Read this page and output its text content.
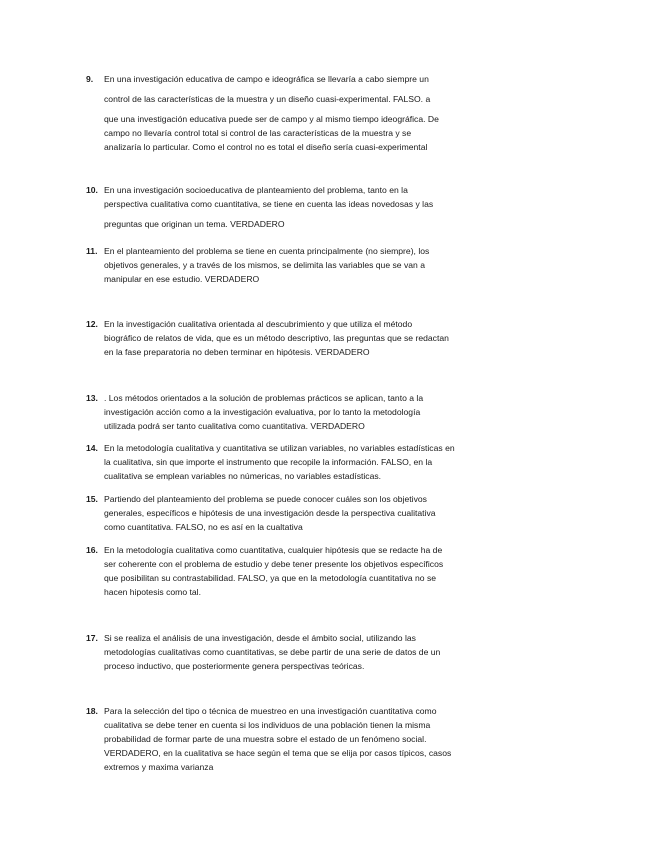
9.	En una investigación educativa de campo e ideográfica se llevaría a cabo siempre un
control de las características de la muestra y un diseño cuasi-experimental. FALSO. a
que una investigación educativa puede ser de campo y al mismo tiempo ideográfica. De
campo no llevaría control total si control de las características de la muestra y se
analizaría lo particular. Como el control no es total el diseño sería cuasi-experimental
10. En una investigación socioeducativa de planteamiento del problema, tanto en la
perspectiva cualitativa como cuantitativa, se tiene en cuenta las ideas novedosas y las
preguntas que originan un tema. VERDADERO
11. En el planteamiento del problema se tiene en cuenta principalmente (no siempre), los
objetivos generales, y a través de los mismos, se delimita las variables que se van a
manipular en ese estudio. VERDADERO
12. En la investigación cualitativa orientada al descubrimiento y que utiliza el método
biográfico de relatos de vida, que es un método descriptivo, las preguntas que se redactan
en la fase preparatoria no deben terminar en hipótesis. VERDADERO
13. . Los métodos orientados a la solución de problemas prácticos se aplican, tanto a la
investigación acción como a la investigación evaluativa, por lo tanto la metodología
utilizada podrá ser tanto cualitativa como cuantitativa. VERDADERO
14. En la metodología cualitativa y cuantitativa se utilizan variables, no variables estadísticas en
la cualitativa, sin que importe el instrumento que recopile la información. FALSO, en la
cualitativa se emplean variables no númericas, no variables estadísticas.
15. Partiendo del planteamiento del problema se puede conocer cuáles son los objetivos
generales, específicos e hipótesis de una investigación desde la perspectiva cualitativa
como cuantitativa. FALSO, no es así en la cualtativa
16. En la metodología cualitativa como cuantitativa, cualquier hipótesis que se redacte ha de
ser coherente con el problema de estudio y debe tener presente los objetivos específicos
que posibilitan su contrastabilidad. FALSO, ya que en la metodología cuantitativa no se
hacen hipotesis como tal.
17. Si se realiza el análisis de una investigación, desde el ámbito social, utilizando las
metodologías cualitativas como cuantitativas, se debe partir de una serie de datos de un
proceso inductivo, que posteriormente genera perspectivas teóricas.
18. Para la selección del tipo o técnica de muestreo en una investigación cuantitativa como
cualitativa se debe tener en cuenta si los individuos de una población tienen la misma
probabilidad de formar parte de una muestra sobre el estado de un fenómeno social.
VERDADERO, en la cualitativa se hace según el tema que se elija por casos típicos, casos
extremos y maxima varianza
